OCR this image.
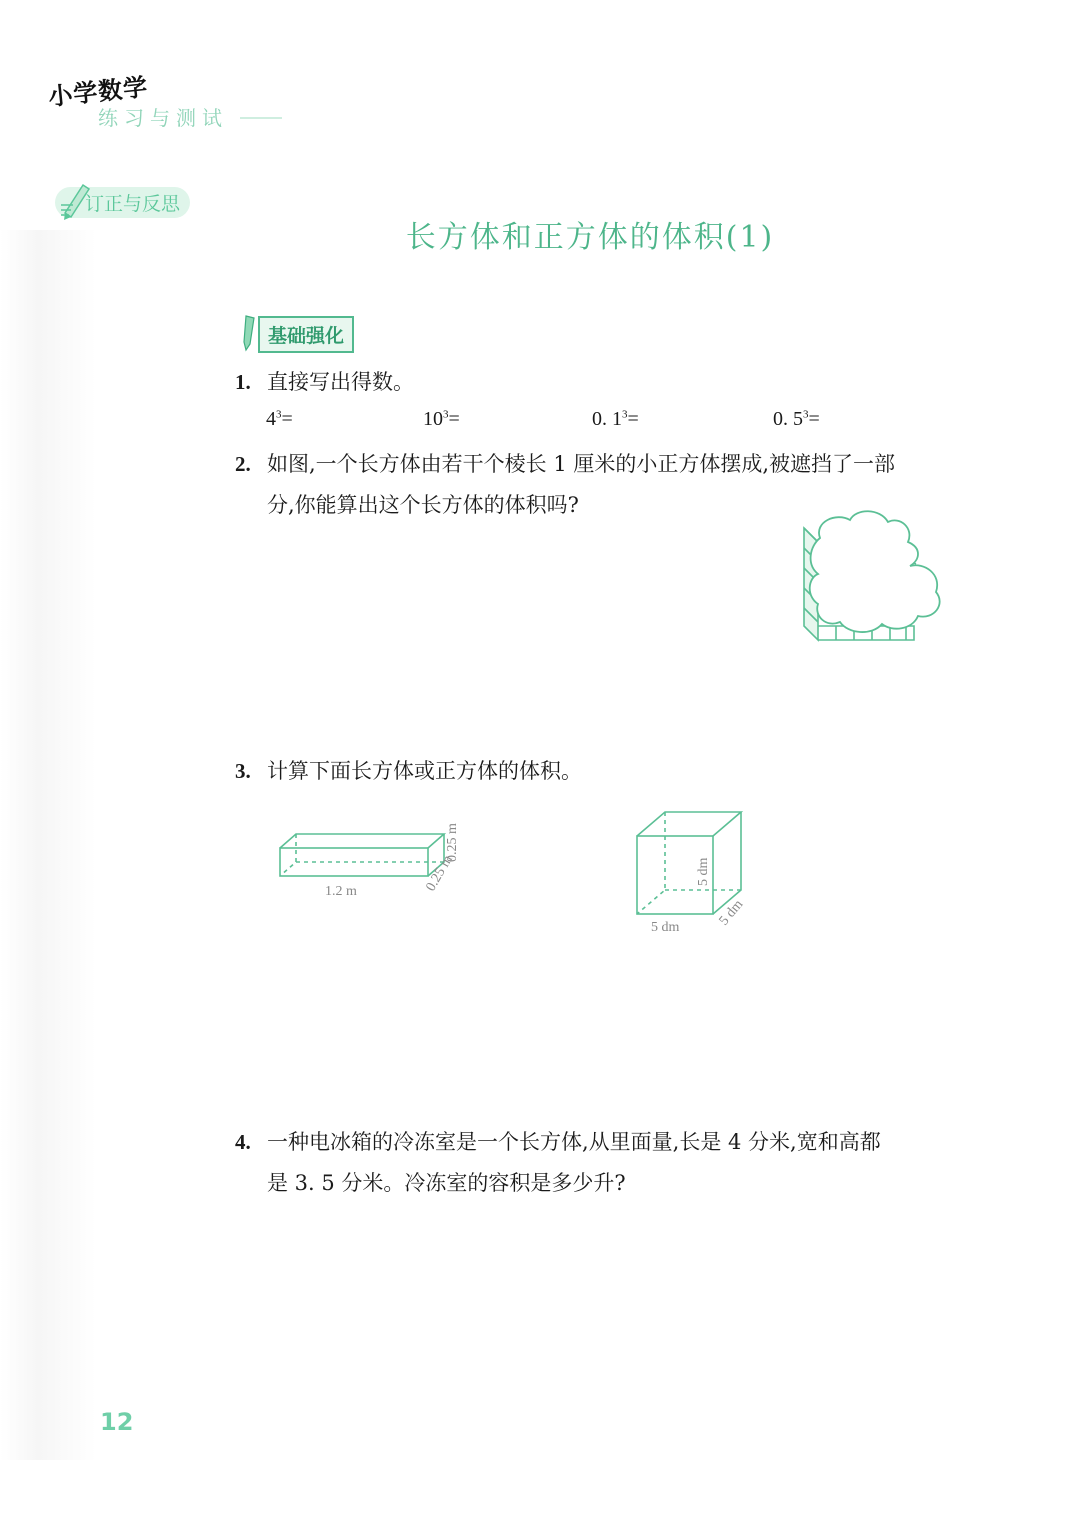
小学数学
练习与测试
订正与反思
长方体和正方体的体积(1)
基础强化
1. 直接写出得数。
$4^3=$	$10^3=$	0. $1^3=$	0. $5^3=$
2. 如图,一个长方体由若干个棱长 1 厘米的小正方体摆成,被遮挡了一部
分,你能算出这个长方体的体积吗?
3. 计算下面长方体或正方体的体积。
1.2 m	0.25 m
0.25 m
5 dm	5 dm
5 dm
4. 一种电冰箱的冷冻室是一个长方体,从里面量,长是 4 分米,宽和高都
是 3. 5 分米。冷冻室的容积是多少升?
12
